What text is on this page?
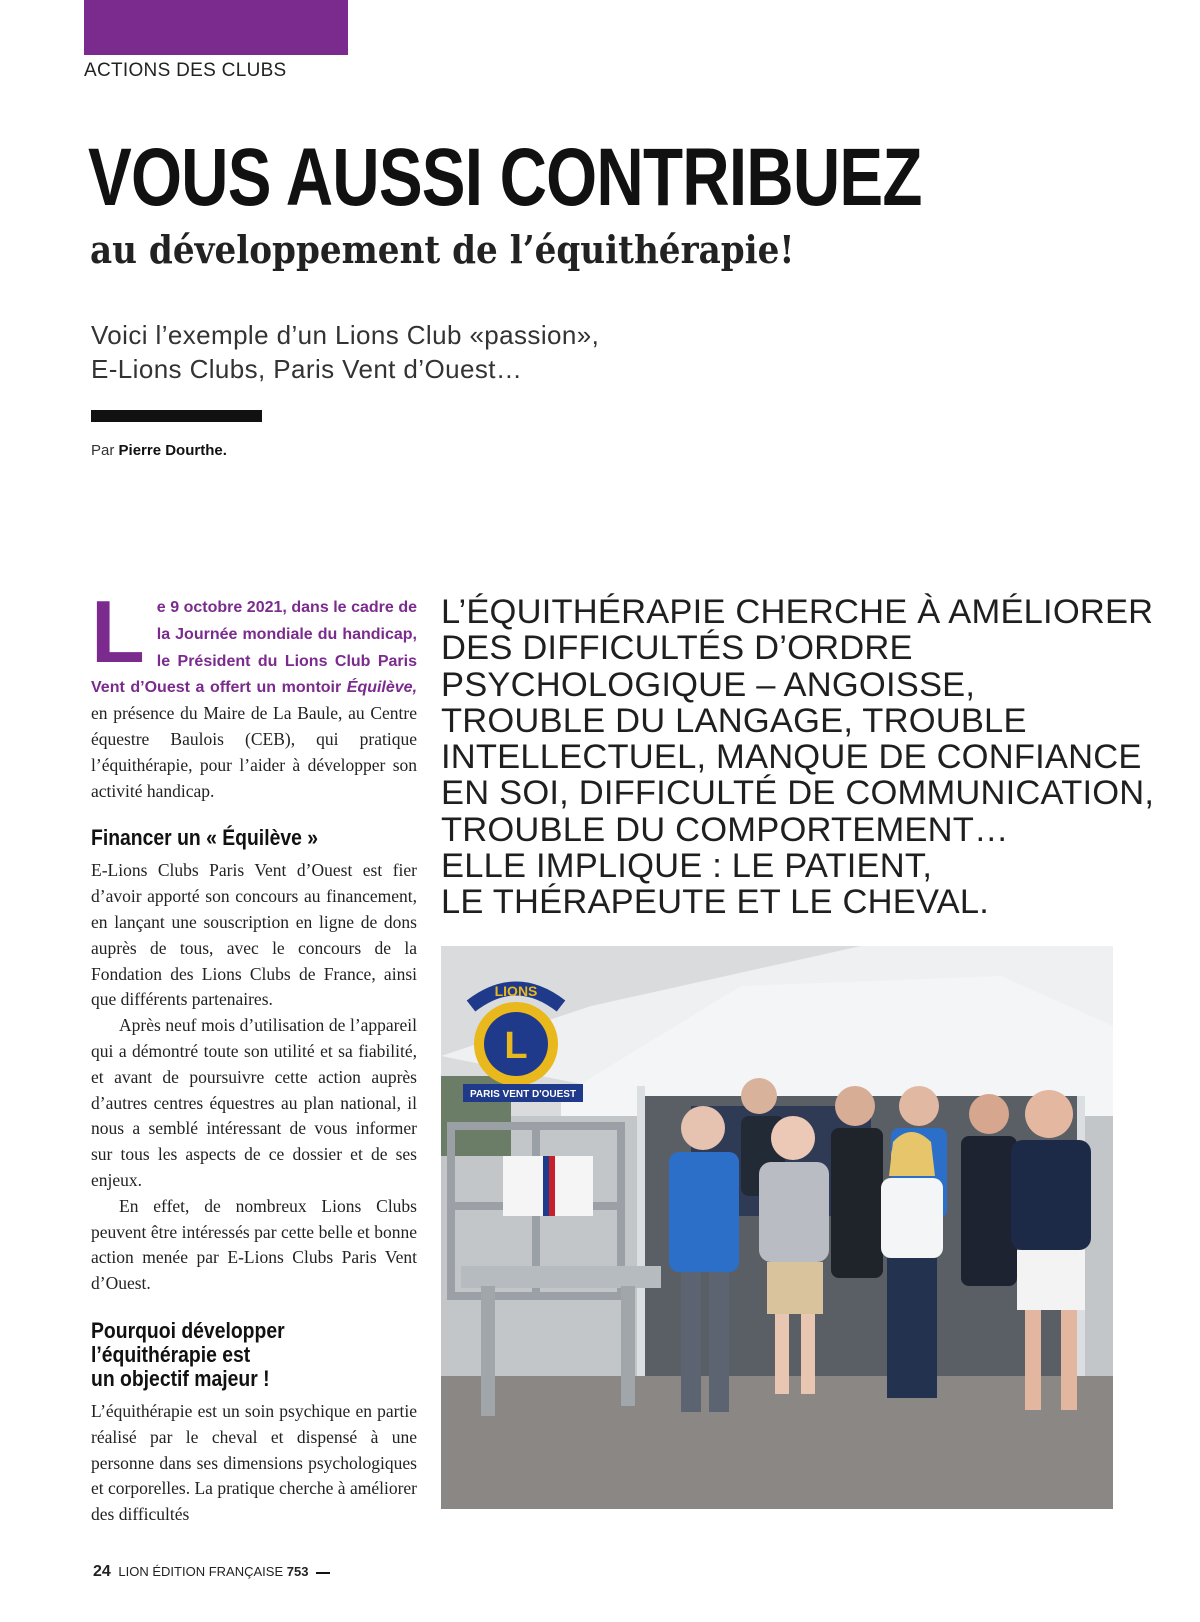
ACTIONS DES CLUBS
VOUS AUSSI CONTRIBUEZ
au développement de l’équithérapie!

Voici l’exemple d’un Lions Club «passion»,
E-Lions Clubs, Paris Vent d’Ouest…

Par Pierre Dourthe.

L e 9 octobre 2021, dans le cadre de la Journée mondiale du handicap, le Président du Lions Club Paris Vent d’Ouest a offert un montoir Équilève, en présence du Maire de La Baule, au Centre équestre Baulois (CEB), qui pratique l’équithérapie, pour l’aider à développer son activité handicap.

Financer un « Équilève »

E-Lions Clubs Paris Vent d’Ouest est fier d’avoir apporté son concours au financement, en lançant une souscription en ligne de dons auprès de tous, avec le concours de la Fondation des Lions Clubs de France, ainsi que différents partenaires.

Après neuf mois d’utilisation de l’appareil qui a démontré toute son utilité et sa fiabilité, et avant de poursuivre cette action auprès d’autres centres équestres au plan national, il nous a semblé intéressant de vous informer sur tous les aspects de ce dossier et de ses enjeux.

En effet, de nombreux Lions Clubs peuvent être intéressés par cette belle et bonne action menée par E-Lions Clubs Paris Vent d’Ouest.

Pourquoi développer
l’équithérapie est
un objectif majeur !

L’équithérapie est un soin psychique en partie réalisé par le cheval et dispensé à une personne dans ses dimensions psychologiques et corporelles. La pratique cherche à améliorer des difficultés

L’ÉQUITHÉRAPIE CHERCHE À AMÉLIORER
DES DIFFICULTÉS D’ORDRE
PSYCHOLOGIQUE – ANGOISSE,
TROUBLE DU LANGAGE, TROUBLE
INTELLECTUEL, MANQUE DE CONFIANCE
EN SOI, DIFFICULTÉ DE COMMUNICATION,
TROUBLE DU COMPORTEMENT…
ELLE IMPLIQUE : LE PATIENT,
LE THÉRAPEUTE ET LE CHEVAL.

L
LIONS
PARIS VENT D'OUEST
24 LION ÉDITION FRANÇAISE 753
